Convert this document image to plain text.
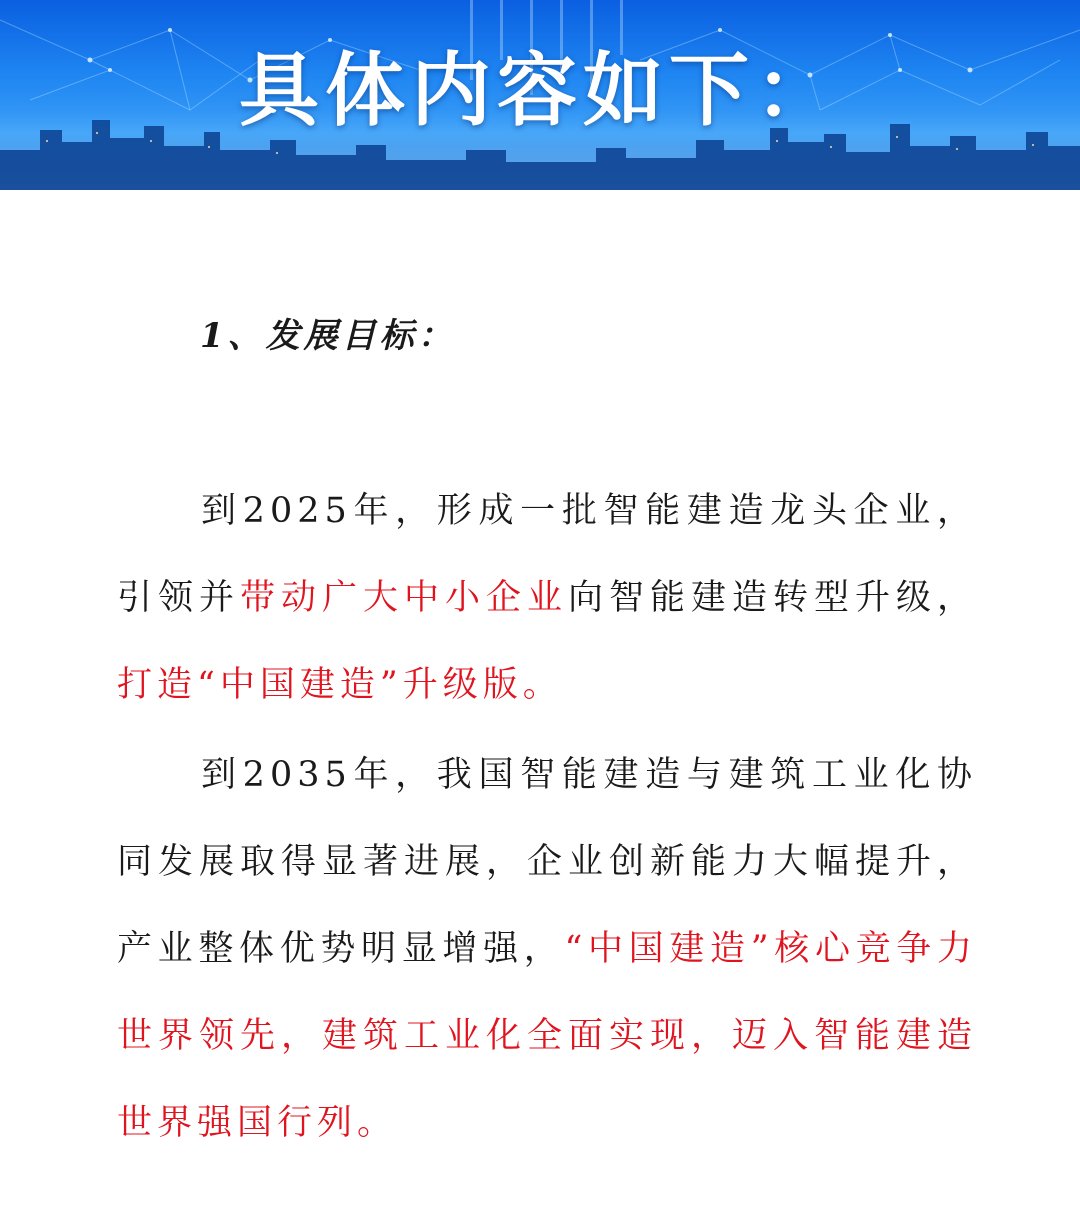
具体内容如下：
1、发展目标：

到2025年，形成一批智能建造龙头企业，引领并带动广大中小企业向智能建造转型升级，打造“中国建造”升级版。

到2035年，我国智能建造与建筑工业化协同发展取得显著进展，企业创新能力大幅提升，产业整体优势明显增强，“中国建造”核心竞争力世界领先，建筑工业化全面实现，迈入智能建造世界强国行列。
